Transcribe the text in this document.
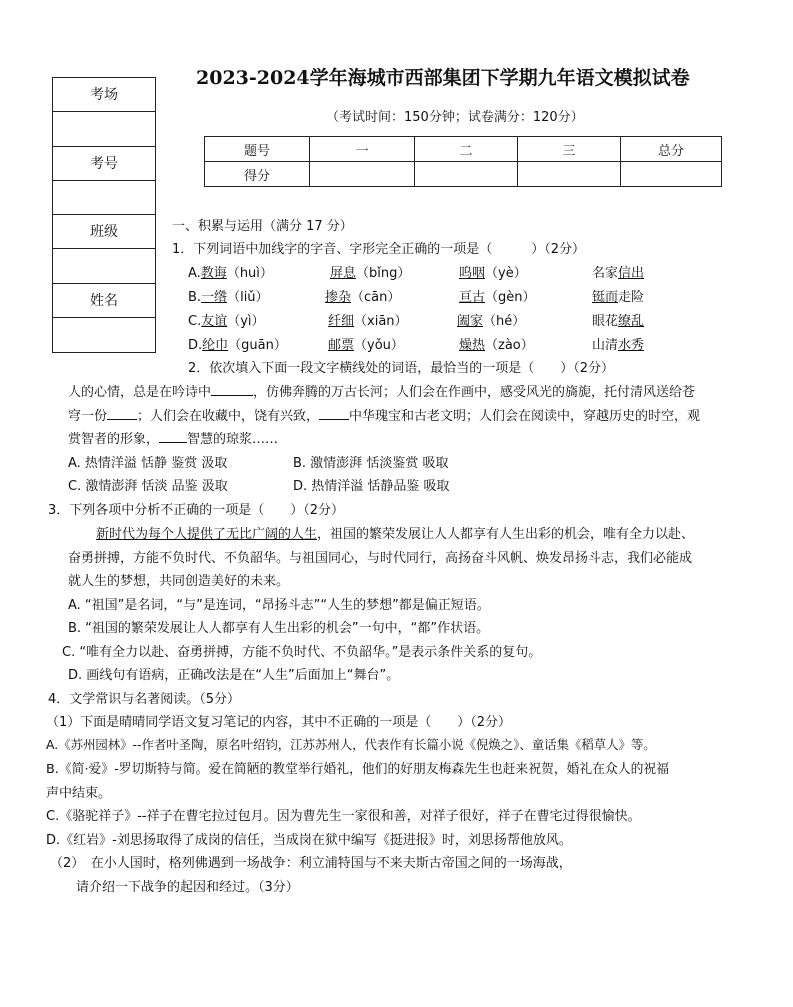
考场
考号
班级
姓名
2023-2024学年海城市西部集团下学期九年语文模拟试卷
（考试时间：150分钟；试卷满分：120分）
题号	一	二	三	总分
得分				
一、积累与运用（满分 17 分）
1．下列词语中加线字的字音、字形完全正确的一项是（　　　）（2分）
A.教诲（huì）	屏息（bǐng）	呜咽（yè）	名家信出
B.一绺（liǔ）	掺杂（cān）	亘古（gèn）	铤而走险
C.友谊（yì）	纤细（xiān）	阖家（hé）	眼花缭乱
D.纶巾（guān）	邮票（yǒu）	燥热（zào）	山清水秀
2．依次填入下面一段文字横线处的词语，最恰当的一项是（　　）（2分）
人的心情，总是在吟诗中	，仿佛奔腾的万古长河；人们会在作画中，感受风光的旖旎，托付清风送给苍
穹一份 ；人们会在收藏中，饶有兴致， 中华瑰宝和古老文明；人们会在阅读中，穿越历史的时空，观
赏智者的形象， 智慧的琼浆……
A. 热情洋溢 恬静 鉴赏 汲取	B. 激情澎湃 恬淡鉴赏 吸取
C. 激情澎湃 恬淡 品鉴 汲取	D. 热情洋溢 恬静品鉴 吸取
3．下列各项中分析不正确的一项是（　　）（2分）
新时代为每个人提供了无比广阔的人生，祖国的繁荣发展让人人都享有人生出彩的机会，唯有全力以赴、
奋勇拼搏，方能不负时代、不负韶华。与祖国同心，与时代同行，高扬奋斗风帆、焕发昂扬斗志，我们必能成
就人生的梦想，共同创造美好的未来。
A. “祖国”是名词，“与”是连词，“昂扬斗志”“人生的梦想”都是偏正短语。
B. “祖国的繁荣发展让人人都享有人生出彩的机会”一句中，“都”作状语。
C. “唯有全力以赴、奋勇拼搏，方能不负时代、不负韶华。”是表示条件关系的复句。
D. 画线句有语病，正确改法是在“人生”后面加上“舞台”。
4．文学常识与名著阅读。（5分）
（1）下面是晴晴同学语文复习笔记的内容，其中不正确的一项是（　　）（2分）
A.《苏州园林》--作者叶圣陶，原名叶绍钧，江苏苏州人，代表作有长篇小说《倪焕之》、童话集《稻草人》等。
B.《简·爱》-罗切斯特与简。爱在简陋的教堂举行婚礼，他们的好朋友梅森先生也赶来祝贺，婚礼在众人的祝福
声中结束。
C.《骆驼祥子》--祥子在曹宅拉过包月。因为曹先生一家很和善，对祥子很好，祥子在曹宅过得很愉快。
D.《红岩》-刘思扬取得了成岗的信任，当成岗在狱中编写《挺进报》时，刘思扬帮他放风。
（2）　在小人国时，格列佛遇到一场战争：利立浦特国与不来夫斯古帝国之间的一场海战，
请介绍一下战争的起因和经过。（3分）
